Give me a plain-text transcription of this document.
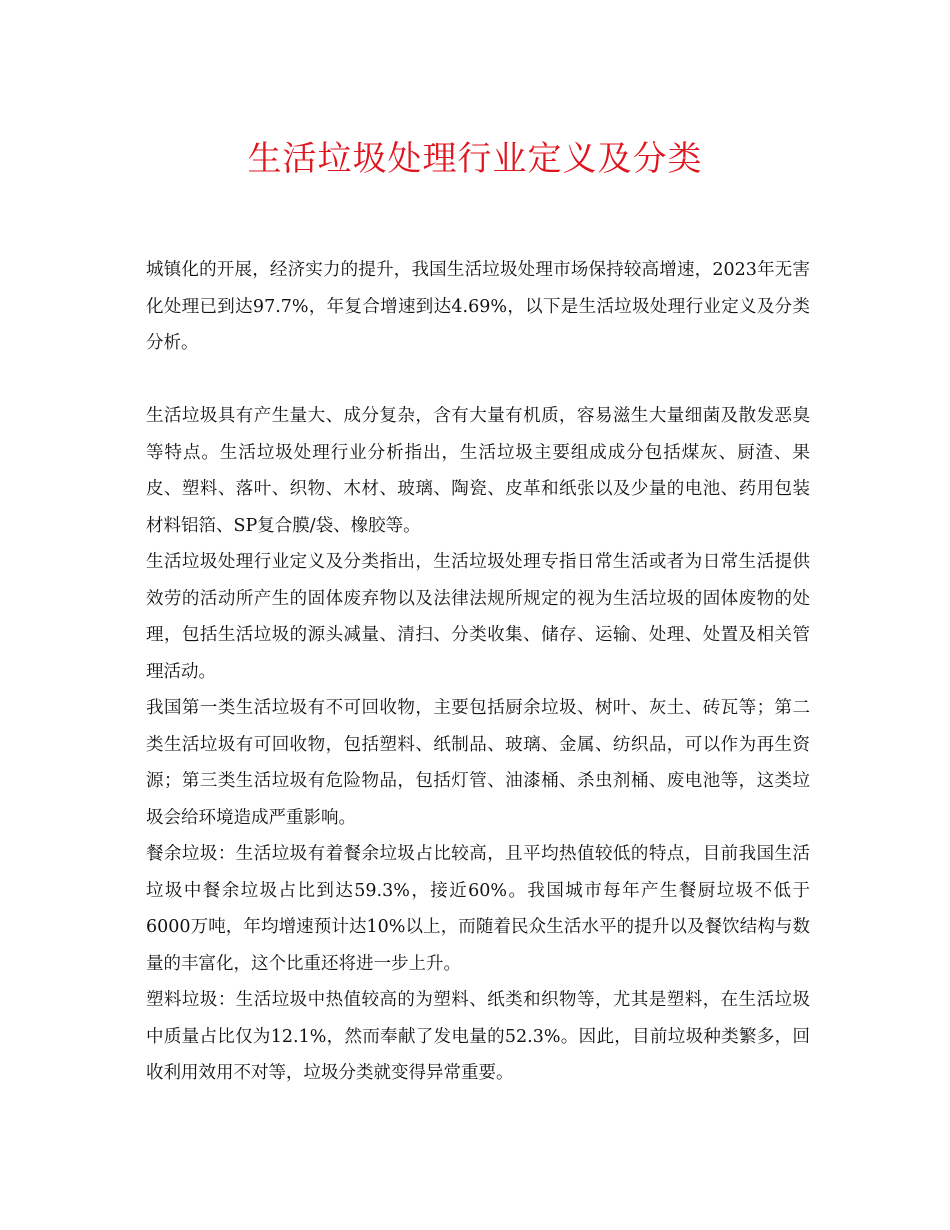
生活垃圾处理行业定义及分类

城镇化的开展，经济实力的提升，我国生活垃圾处理市场保持较高增速，2023年无害化处理已到达97.7%，年复合增速到达4.69%，以下是生活垃圾处理行业定义及分类分析。

生活垃圾具有产生量大、成分复杂，含有大量有机质，容易滋生大量细菌及散发恶臭等特点。生活垃圾处理行业分析指出，生活垃圾主要组成成分包括煤灰、厨渣、果皮、塑料、落叶、织物、木材、玻璃、陶瓷、皮革和纸张以及少量的电池、药用包装材料铝箔、SP复合膜/袋、橡胶等。

生活垃圾处理行业定义及分类指出，生活垃圾处理专指日常生活或者为日常生活提供效劳的活动所产生的固体废弃物以及法律法规所规定的视为生活垃圾的固体废物的处理，包括生活垃圾的源头减量、清扫、分类收集、储存、运输、处理、处置及相关管理活动。

我国第一类生活垃圾有不可回收物，主要包括厨余垃圾、树叶、灰土、砖瓦等；第二类生活垃圾有可回收物，包括塑料、纸制品、玻璃、金属、纺织品，可以作为再生资源；第三类生活垃圾有危险物品，包括灯管、油漆桶、杀虫剂桶、废电池等，这类垃圾会给环境造成严重影响。

餐余垃圾：生活垃圾有着餐余垃圾占比较高，且平均热值较低的特点，目前我国生活垃圾中餐余垃圾占比到达59.3%，接近60%。我国城市每年产生餐厨垃圾不低于6000万吨，年均增速预计达10%以上，而随着民众生活水平的提升以及餐饮结构与数量的丰富化，这个比重还将进一步上升。

塑料垃圾：生活垃圾中热值较高的为塑料、纸类和织物等，尤其是塑料，在生活垃圾中质量占比仅为12.1%，然而奉献了发电量的52.3%。因此，目前垃圾种类繁多，回收利用效用不对等，垃圾分类就变得异常重要。
